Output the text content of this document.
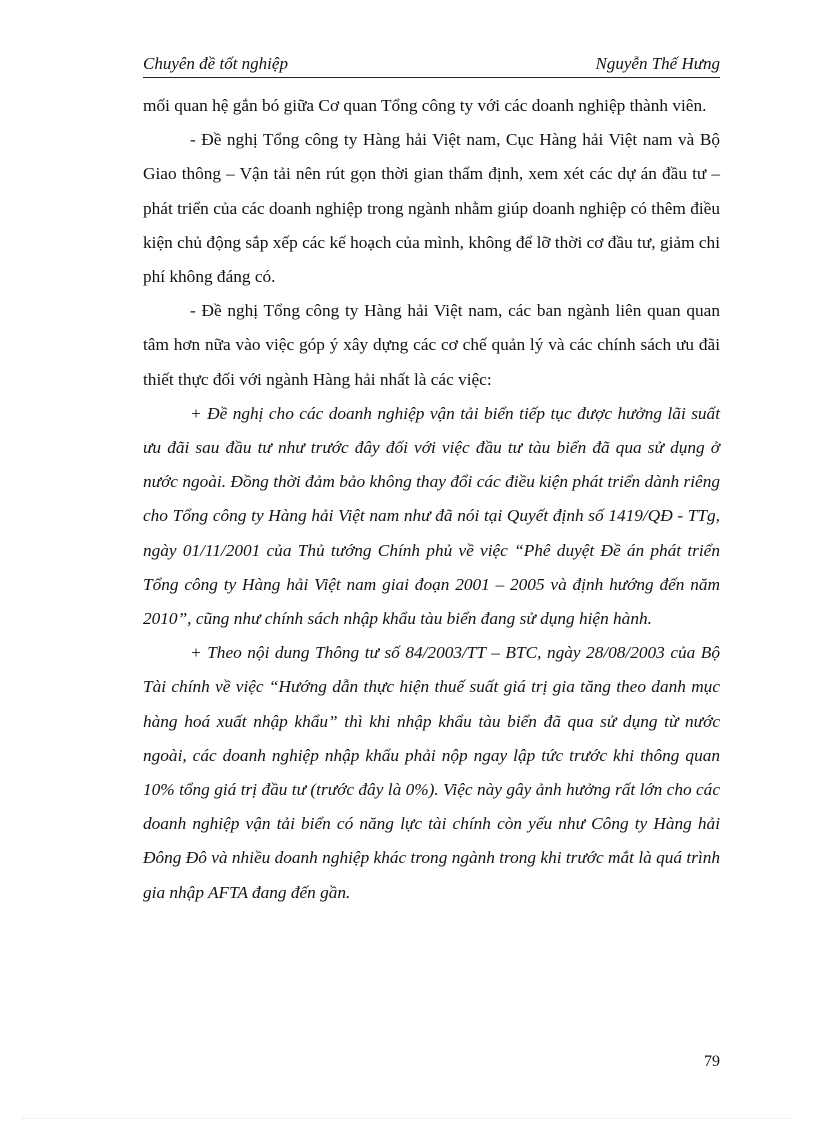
Chuyên đề tốt nghiệp	Nguyễn Thế Hưng

mối quan hệ gắn bó giữa Cơ quan Tổng công ty với các doanh nghiệp thành viên.

- Đề nghị Tổng công ty Hàng hải Việt nam, Cục Hàng hải Việt nam và Bộ Giao thông – Vận tải nên rút gọn thời gian thẩm định, xem xét các dự án đầu tư – phát triển của các doanh nghiệp trong ngành nhằm giúp doanh nghiệp có thêm điều kiện chủ động sắp xếp các kế hoạch của mình, không để lỡ thời cơ đầu tư, giảm chi phí không đáng có.

- Đề nghị Tổng công ty Hàng hải Việt nam, các ban ngành liên quan quan tâm hơn nữa vào việc góp ý xây dựng các cơ chế quản lý và các chính sách ưu đãi thiết thực đối với ngành Hàng hải nhất là các việc:

+ Đề nghị cho các doanh nghiệp vận tải biển tiếp tục được hưởng lãi suất ưu đãi sau đầu tư như trước đây đối với việc đầu tư tàu biển đã qua sử dụng ở nước ngoài. Đồng thời đảm bảo không thay đổi các điều kiện phát triển dành riêng cho Tổng công ty Hàng hải Việt nam như đã nói tại Quyết định số 1419/QĐ - TTg, ngày 01/11/2001 của Thủ tướng Chính phủ về việc “Phê duyệt Đề án phát triển Tổng công ty Hàng hải Việt nam giai đoạn 2001 – 2005 và định hướng đến năm 2010”, cũng như chính sách nhập khẩu tàu biển đang sử dụng hiện hành.

+ Theo nội dung Thông tư số 84/2003/TT – BTC, ngày 28/08/2003 của Bộ Tài chính về việc “Hướng dẫn thực hiện thuế suất giá trị gia tăng theo danh mục hàng hoá xuất nhập khẩu” thì khi nhập khẩu tàu biển đã qua sử dụng từ nước ngoài, các doanh nghiệp nhập khẩu phải nộp ngay lập tức trước khi thông quan 10% tổng giá trị đầu tư (trước đây là 0%). Việc này gây ảnh hưởng rất lớn cho các doanh nghiệp vận tải biển có năng lực tài chính còn yếu như Công ty Hàng hải Đông Đô và nhiều doanh nghiệp khác trong ngành trong khi trước mắt là quá trình gia nhập AFTA đang đến gần.

79
